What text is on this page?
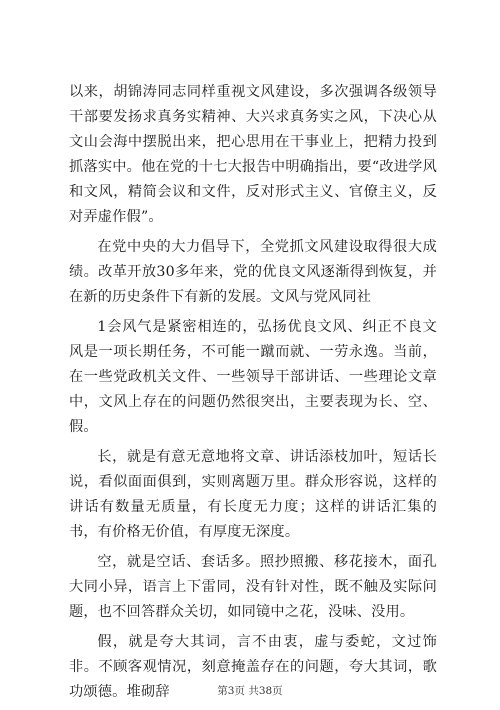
以来，胡锦涛同志同样重视文风建设，多次强调各级领导干部要发扬求真务实精神、大兴求真务实之风，下决心从文山会海中摆脱出来，把心思用在干事业上，把精力投到抓落实中。他在党的十七大报告中明确指出，要“改进学风和文风，精简会议和文件，反对形式主义、官僚主义，反对弄虚作假”。

在党中央的大力倡导下，全党抓文风建设取得很大成绩。改革开放30多年来，党的优良文风逐渐得到恢复，并在新的历史条件下有新的发展。文风与党风同社

1会风气是紧密相连的，弘扬优良文风、纠正不良文风是一项长期任务，不可能一蹴而就、一劳永逸。当前，在一些党政机关文件、一些领导干部讲话、一些理论文章中，文风上存在的问题仍然很突出，主要表现为长、空、假。

长，就是有意无意地将文章、讲话添枝加叶，短话长说，看似面面俱到，实则离题万里。群众形容说，这样的讲话有数量无质量，有长度无力度；这样的讲话汇集的书，有价格无价值，有厚度无深度。

空，就是空话、套话多。照抄照搬、移花接木，面孔大同小异，语言上下雷同，没有针对性，既不触及实际问题，也不回答群众关切，如同镜中之花，没味、没用。

假，就是夸大其词，言不由衷，虚与委蛇，文过饰非。不顾客观情况，刻意掩盖存在的问题，夸大其词，歌功颂德。堆砌辞	第3页 共38页
